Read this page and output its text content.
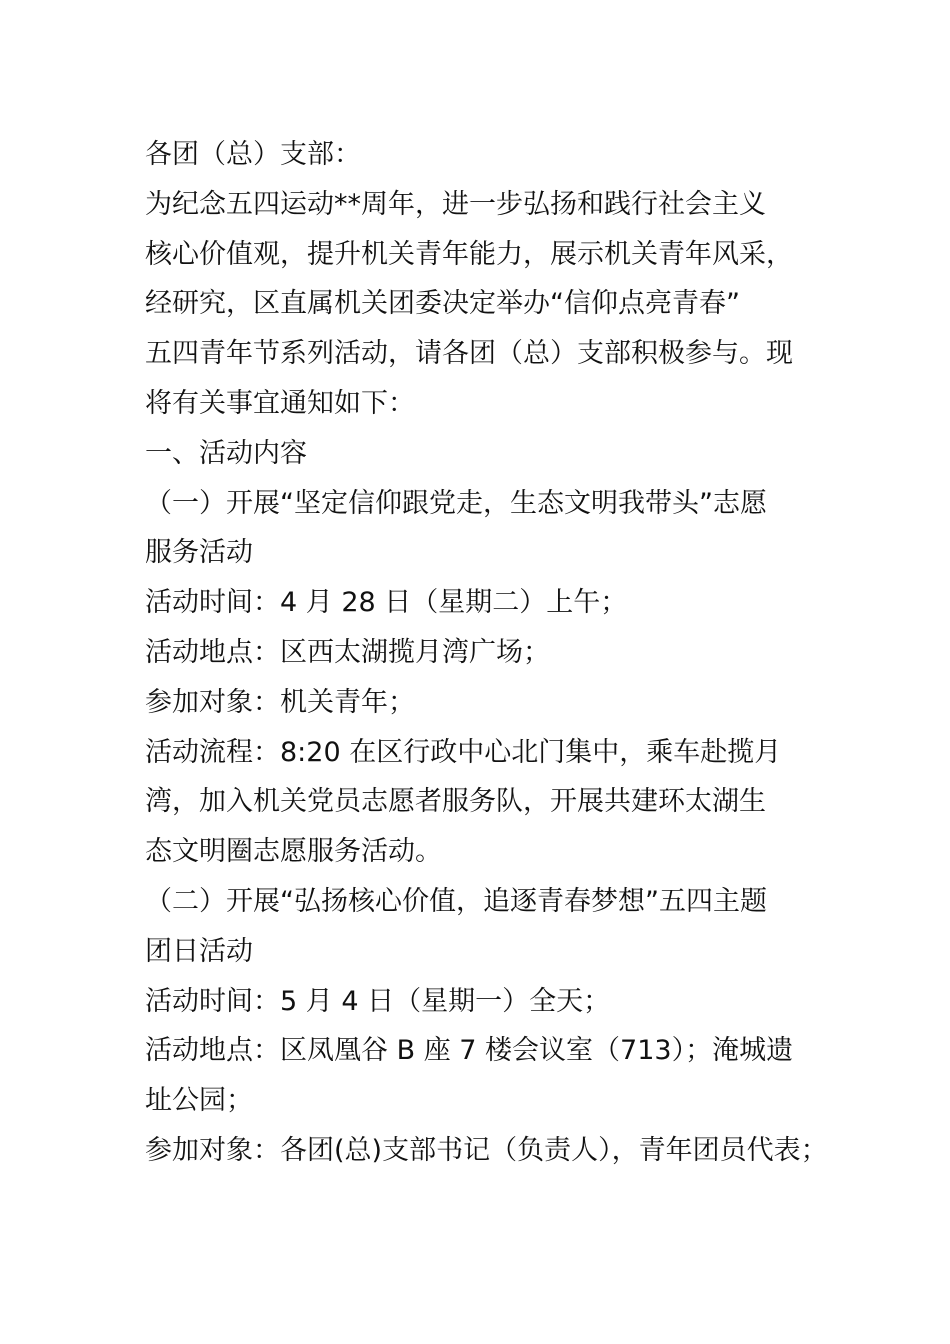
各团（总）支部：
为纪念五四运动**周年，进一步弘扬和践行社会主义
核心价值观，提升机关青年能力，展示机关青年风采，
经研究，区直属机关团委决定举办“信仰点亮青春”
五四青年节系列活动，请各团（总）支部积极参与。现
将有关事宜通知如下：
一、活动内容
（一）开展“坚定信仰跟党走，生态文明我带头”志愿
服务活动
活动时间：4 月 28 日（星期二）上午；
活动地点：区西太湖揽月湾广场；
参加对象：机关青年；
活动流程：8:20 在区行政中心北门集中，乘车赴揽月
湾，加入机关党员志愿者服务队，开展共建环太湖生
态文明圈志愿服务活动。
（二）开展“弘扬核心价值，追逐青春梦想”五四主题
团日活动
活动时间：5 月 4 日（星期一）全天；
活动地点：区凤凰谷 B 座 7 楼会议室（713）；淹城遗
址公园；
参加对象：各团(总)支部书记（负责人），青年团员代表；
